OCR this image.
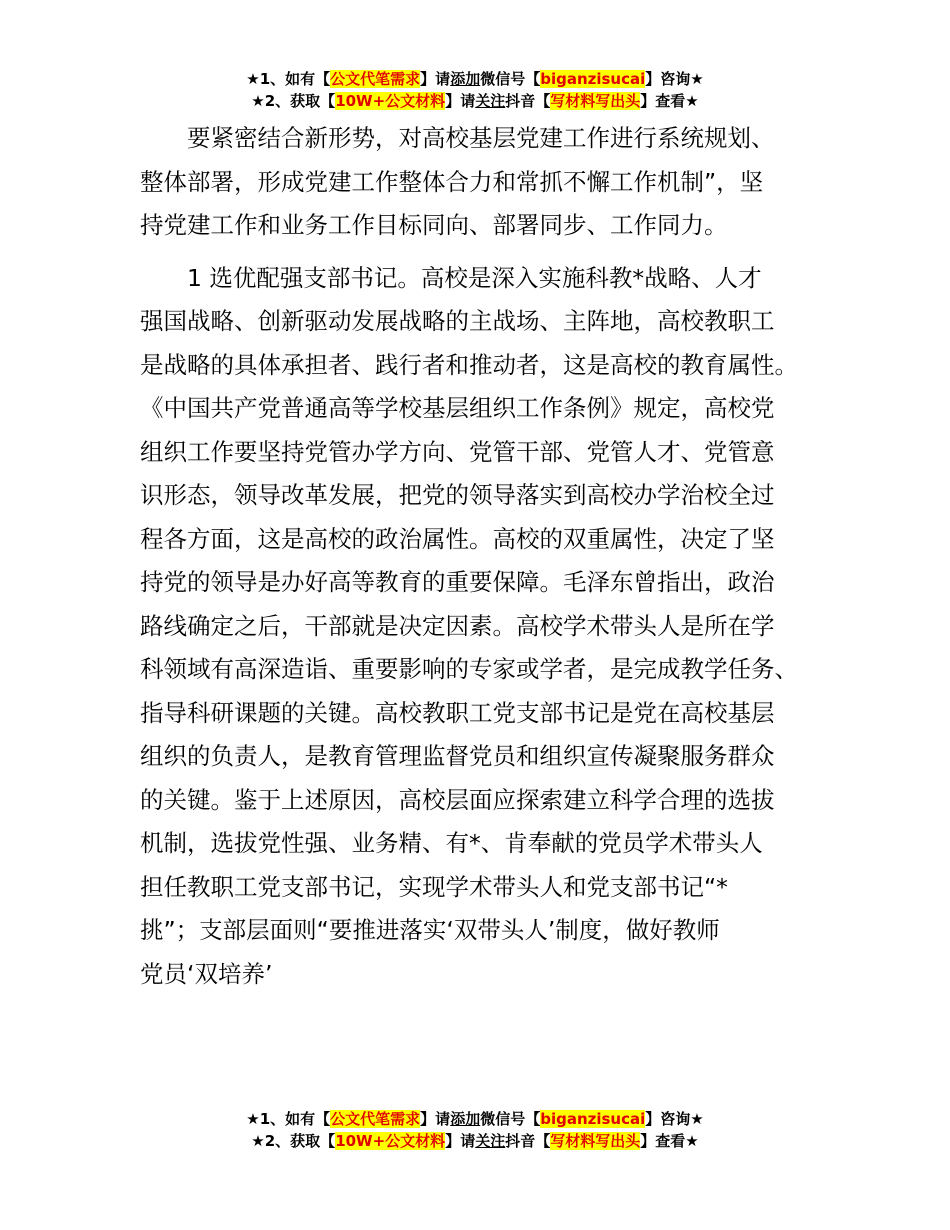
★1、如有【公文代笔需求】请添加微信号【biganzisucai】咨询★
★2、获取【10W+公文材料】请关注抖音【写材料写出头】查看★
　　要紧密结合新形势，对高校基层党建工作进行系统规划、
整体部署，形成党建工作整体合力和常抓不懈工作机制”，坚
持党建工作和业务工作目标同向、部署同步、工作同力。
　　1 选优配强支部书记。高校是深入实施科教*战略、人才
强国战略、创新驱动发展战略的主战场、主阵地，高校教职工
是战略的具体承担者、践行者和推动者，这是高校的教育属性。
《中国共产党普通高等学校基层组织工作条例》规定，高校党
组织工作要坚持党管办学方向、党管干部、党管人才、党管意
识形态，领导改革发展，把党的领导落实到高校办学治校全过
程各方面，这是高校的政治属性。高校的双重属性，决定了坚
持党的领导是办好高等教育的重要保障。毛泽东曾指出，政治
路线确定之后，干部就是决定因素。高校学术带头人是所在学
科领域有高深造诣、重要影响的专家或学者，是完成教学任务、
指导科研课题的关键。高校教职工党支部书记是党在高校基层
组织的负责人，是教育管理监督党员和组织宣传凝聚服务群众
的关键。鉴于上述原因，高校层面应探索建立科学合理的选拔
机制，选拔党性强、业务精、有*、肯奉献的党员学术带头人
担任教职工党支部书记，实现学术带头人和党支部书记“*
挑”；支部层面则“要推进落实‘双带头人’制度，做好教师
党员‘双培养’
★1、如有【公文代笔需求】请添加微信号【biganzisucai】咨询★
★2、获取【10W+公文材料】请关注抖音【写材料写出头】查看★
